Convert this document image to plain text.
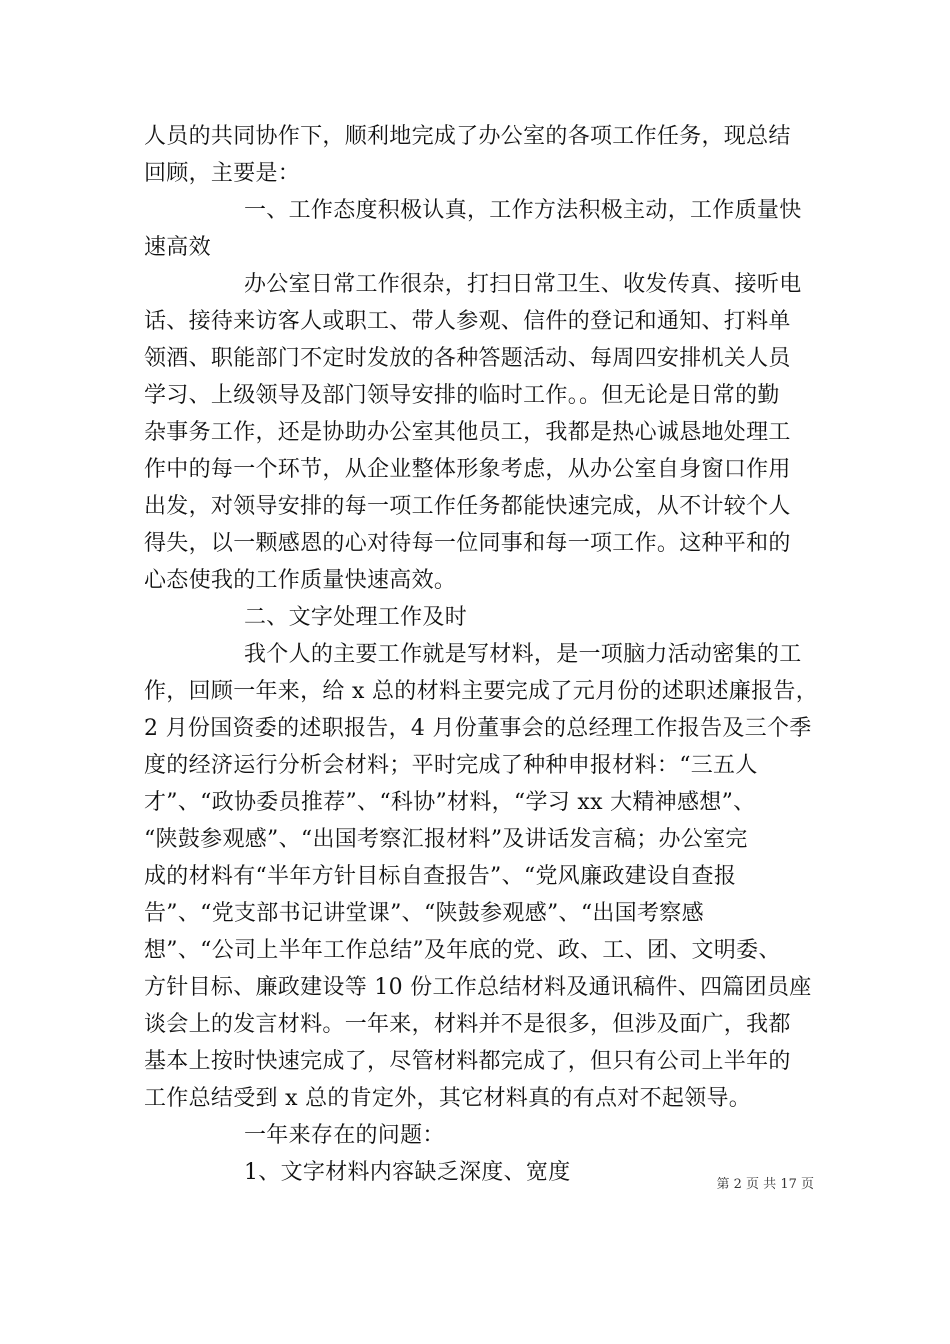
人员的共同协作下，顺利地完成了办公室的各项工作任务，现总结
回顾，主要是：
一、工作态度积极认真，工作方法积极主动，工作质量快
速高效
办公室日常工作很杂，打扫日常卫生、收发传真、接听电
话、接待来访客人或职工、带人参观、信件的登记和通知、打料单
领酒、职能部门不定时发放的各种答题活动、每周四安排机关人员
学习、上级领导及部门领导安排的临时工作。。但无论是日常的勤
杂事务工作，还是协助办公室其他员工，我都是热心诚恳地处理工
作中的每一个环节，从企业整体形象考虑，从办公室自身窗口作用
出发，对领导安排的每一项工作任务都能快速完成，从不计较个人
得失，以一颗感恩的心对待每一位同事和每一项工作。这种平和的
心态使我的工作质量快速高效。
二、文字处理工作及时
我个人的主要工作就是写材料，是一项脑力活动密集的工
作，回顾一年来，给 x 总的材料主要完成了元月份的述职述廉报告，
2 月份国资委的述职报告，4 月份董事会的总经理工作报告及三个季
度的经济运行分析会材料；平时完成了种种申报材料：“三五人
才”、“政协委员推荐”、“科协”材料，“学习 xx 大精神感想”、
“陕鼓参观感”、“出国考察汇报材料”及讲话发言稿；办公室完
成的材料有“半年方针目标自查报告”、“党风廉政建设自查报
告”、“党支部书记讲堂课”、“陕鼓参观感”、“出国考察感
想”、“公司上半年工作总结”及年底的党、政、工、团、文明委、
方针目标、廉政建设等 10 份工作总结材料及通讯稿件、四篇团员座
谈会上的发言材料。一年来，材料并不是很多，但涉及面广，我都
基本上按时快速完成了，尽管材料都完成了，但只有公司上半年的
工作总结受到 x 总的肯定外，其它材料真的有点对不起领导。
一年来存在的问题：
1、文字材料内容缺乏深度、宽度	第 2 页 共 17 页
